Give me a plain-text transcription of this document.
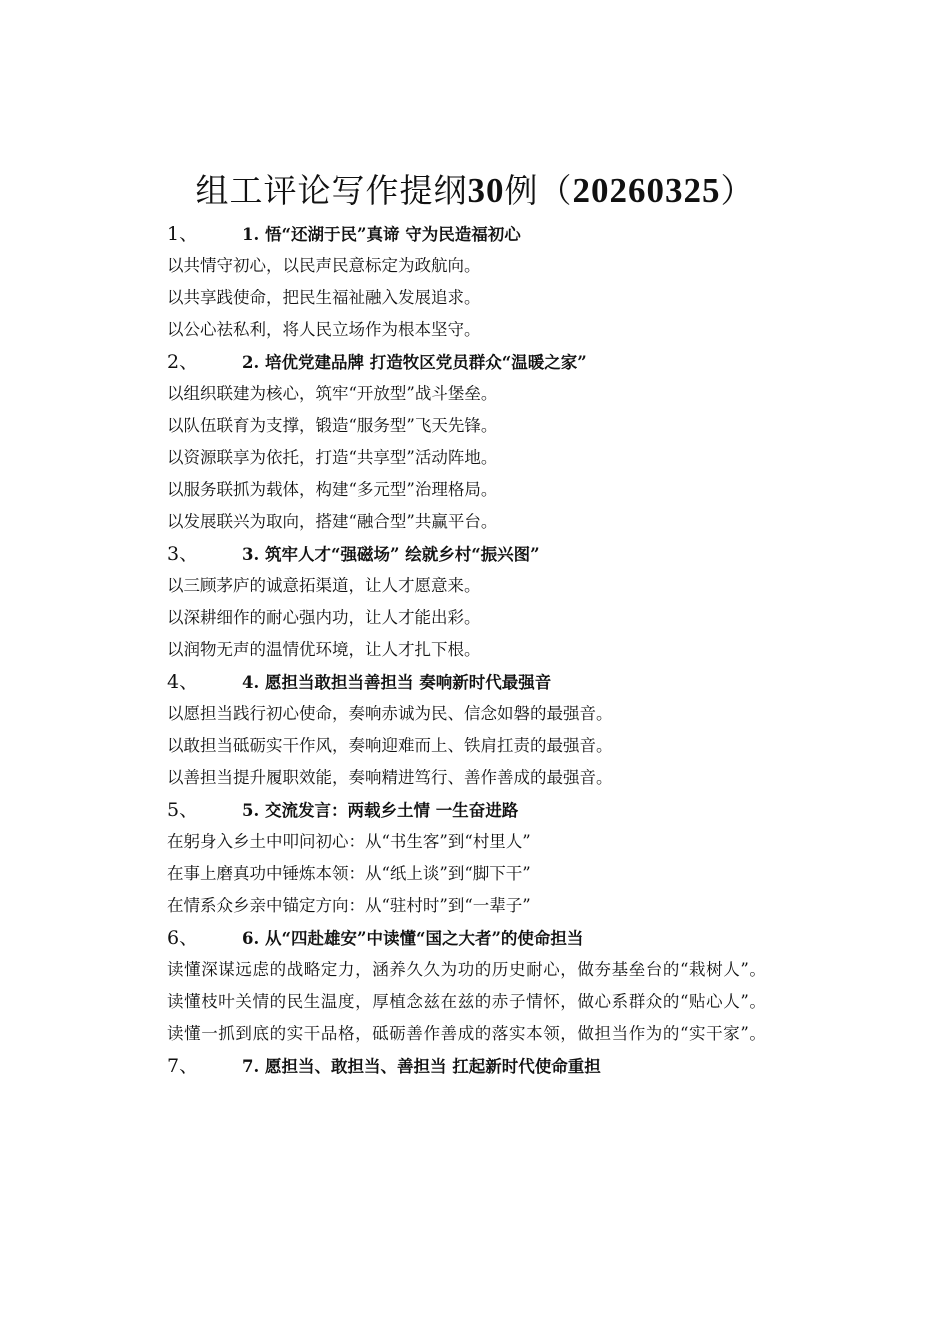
组工评论写作提纲30例（20260325）
1、	1. 悟“还湖于民”真谛 守为民造福初心
以共情守初心，以民声民意标定为政航向。
以共享践使命，把民生福祉融入发展追求。
以公心祛私利，将人民立场作为根本坚守。
2、	2. 培优党建品牌 打造牧区党员群众“温暖之家”
以组织联建为核心，筑牢“开放型”战斗堡垒。
以队伍联育为支撑，锻造“服务型”飞天先锋。
以资源联享为依托，打造“共享型”活动阵地。
以服务联抓为载体，构建“多元型”治理格局。
以发展联兴为取向，搭建“融合型”共赢平台。
3、	3. 筑牢人才“强磁场” 绘就乡村“振兴图”
以三顾茅庐的诚意拓渠道，让人才愿意来。
以深耕细作的耐心强内功，让人才能出彩。
以润物无声的温情优环境，让人才扎下根。
4、	4. 愿担当敢担当善担当 奏响新时代最强音
以愿担当践行初心使命，奏响赤诚为民、信念如磐的最强音。
以敢担当砥砺实干作风，奏响迎难而上、铁肩扛责的最强音。
以善担当提升履职效能，奏响精进笃行、善作善成的最强音。
5、	5. 交流发言：两载乡土情 一生奋进路
在躬身入乡土中叩问初心：从“书生客”到“村里人”
在事上磨真功中锤炼本领：从“纸上谈”到“脚下干”
在情系众乡亲中锚定方向：从“驻村时”到“一辈子”
6、	6. 从“四赴雄安”中读懂“国之大者”的使命担当
读懂深谋远虑的战略定力，涵养久久为功的历史耐心，做夯基垒台的“栽树人”。
读懂枝叶关情的民生温度，厚植念兹在兹的赤子情怀，做心系群众的“贴心人”。
读懂一抓到底的实干品格，砥砺善作善成的落实本领，做担当作为的“实干家”。
7、	7. 愿担当、敢担当、善担当 扛起新时代使命重担
